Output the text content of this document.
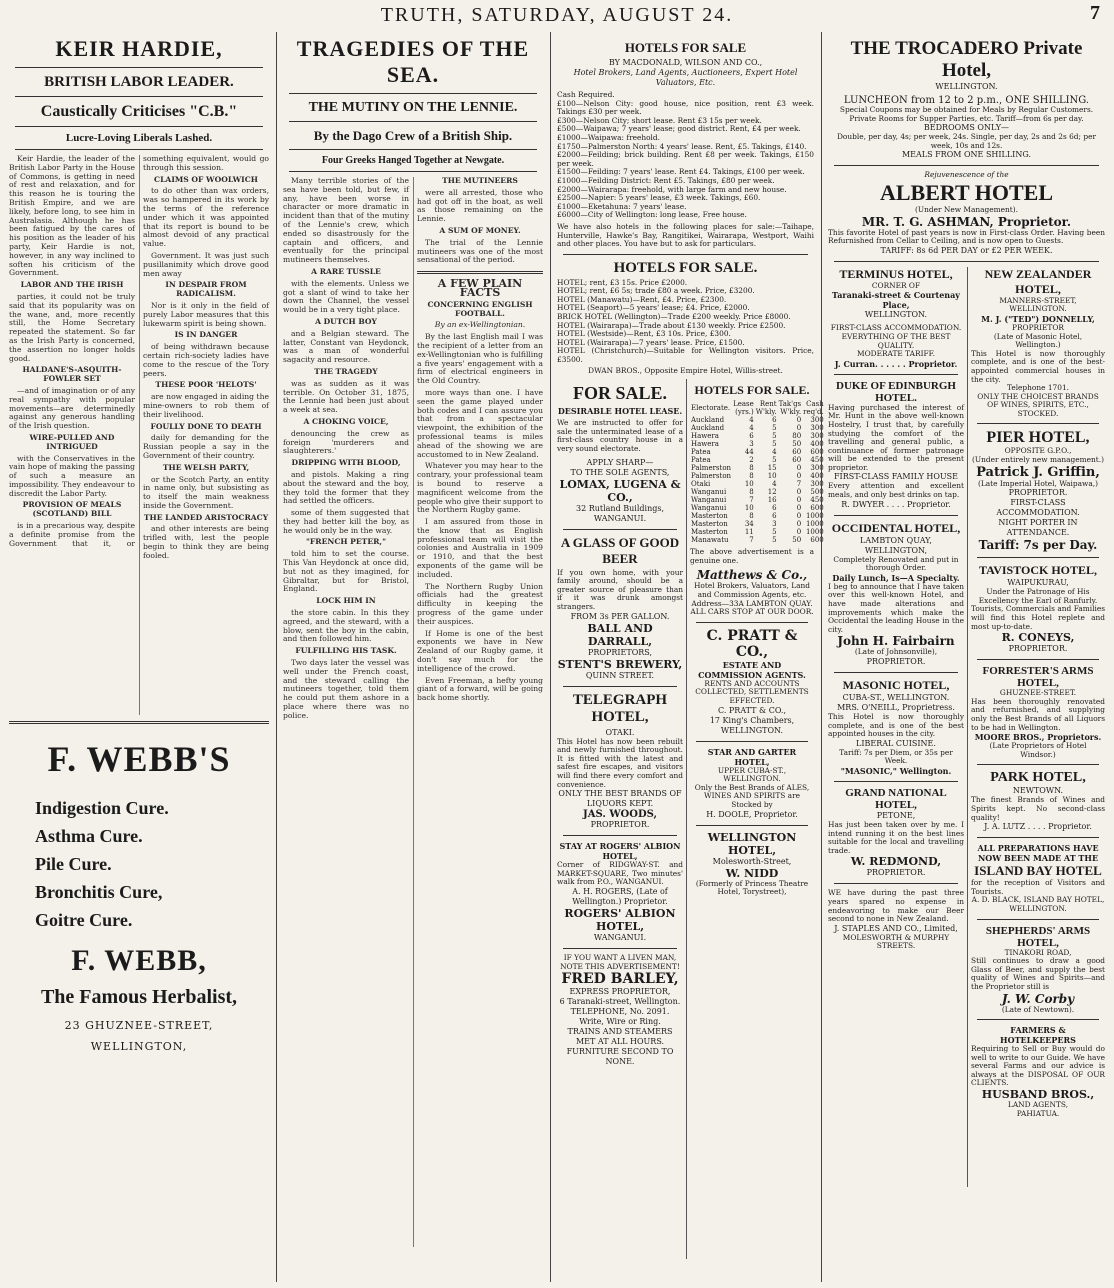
TRUTH, SATURDAY, AUGUST 24.	7
KEIR HARDIE,
BRITISH LABOR LEADER.
Caustically Criticises "C.B."
Lucre-Loving Liberals Lashed.

Keir Hardie, the leader of the British Labor Party in the House of Commons, is getting in need of rest and relaxation, and for this reason he is touring the British Empire, and we are likely, before long, to see him in Australasia. Although he has been fatigued by the cares of his position as the leader of his party, Keir Hardie is not, however, in any way inclined to soften his criticism of the Government.

LABOR AND THE IRISH

parties, it could not be truly said that its popularity was on the wane, and, more recently still, the Home Secretary repeated the statement. So far as the Irish Party is concerned, the assertion no longer holds good.

HALDANE'S-ASQUITH-FOWLER SET

—and of imagination or of any real sympathy with popular movements—are determinedly against any generous handling of the Irish question.

WIRE-PULLED AND INTRIGUED

with the Conservatives in the vain hope of making the passing of such a measure an impossibility. They endeavour to discredit the Labor Party.

PROVISION OF MEALS (SCOTLAND) BILL

is in a precarious way, despite a definite promise from the Government that it, or something equivalent, would go through this session.

CLAIMS OF WOOLWICH

to do other than wax orders, was so hampered in its work by the terms of the reference under which it was appointed that its report is bound to be almost devoid of any practical value.

Government. It was just such pusillanimity which drove good men away

IN DESPAIR FROM RADICALISM.

Nor is it only in the field of purely Labor measures that this lukewarm spirit is being shown.

IS IN DANGER

of being withdrawn because certain rich-society ladies have come to the rescue of the Tory peers.

THESE POOR 'HELOTS'

are now engaged in aiding the mine-owners to rob them of their livelihood.

FOULLY DONE TO DEATH

daily for demanding for the Russian people a say in the Government of their country.

THE WELSH PARTY,

or the Scotch Party, an entity in name only, but subsisting as to itself the main weakness inside the Government.

THE LANDED ARISTOCRACY

and other interests are being trifled with, lest the people begin to think they are being fooled.

F. WEBB'S
Indigestion Cure.
Asthma Cure.
Pile Cure.
Bronchitis Cure,
Goitre Cure.
F. WEBB,
The Famous Herbalist,
23 GHUZNEE-STREET,
WELLINGTON,
TRAGEDIES OF THE SEA.
THE MUTINY ON THE LENNIE.
By the Dago Crew of a British Ship.
Four Greeks Hanged Together at Newgate.

Many terrible stories of the sea have been told, but few, if any, have been worse in character or more dramatic in incident than that of the mutiny of the Lennie's crew, which ended so disastrously for the captain and officers, and eventually for the principal mutineers themselves.

A RARE TUSSLE

with the elements. Unless we got a slant of wind to take her down the Channel, the vessel would be in a very tight place.

A DUTCH BOY

and a Belgian steward. The latter, Constant van Heydonck, was a man of wonderful sagacity and resource.

THE TRAGEDY

was as sudden as it was terrible. On October 31, 1875, the Lennie had been just about a week at sea.

A CHOKING VOICE,

denouncing the crew as foreign 'murderers and slaughterers.'

DRIPPING WITH BLOOD,

and pistols. Making a ring about the steward and the boy, they told the former that they had settled the officers.

some of them suggested that they had better kill the boy, as he would only be in the way.

"FRENCH PETER,"

told him to set the course. This Van Heydonck at once did, but not as they imagined, for Gibraltar, but for Bristol, England.

LOCK HIM IN

the store cabin. In this they agreed, and the steward, with a blow, sent the boy in the cabin, and then followed him.

FULFILLING HIS TASK.

Two days later the vessel was well under the French coast, and the steward calling the mutineers together, told them he could put them ashore in a place where there was no police.

THE MUTINEERS

were all arrested, those who had got off in the boat, as well as those remaining on the Lennie.

A SUM OF MONEY.

The trial of the Lennie mutineers was one of the most sensational of the period.

A FEW PLAIN FACTS

CONCERNING ENGLISH FOOTBALL.

By an ex-Wellingtonian.

By the last English mail I was the recipient of a letter from an ex-Wellingtonian who is fulfilling a five years' engagement with a firm of electrical engineers in the Old Country.

more ways than one. I have seen the game played under both codes and I can assure you that from a spectacular viewpoint, the exhibition of the professional teams is miles ahead of the showing we are accustomed to in New Zealand.

Whatever you may hear to the contrary, your professional team is bound to reserve a magnificent welcome from the people who give their support to the Northern Rugby game.

I am assured from those in the know that as English professional team will visit the colonies and Australia in 1909 or 1910, and that the best exponents of the game will be included.

The Northern Rugby Union officials had the greatest difficulty in keeping the progress of the game under their auspices.

If Home is one of the best exponents we have in New Zealand of our Rugby game, it don't say much for the intelligence of the crowd.

Even Freeman, a hefty young giant of a forward, will be going back home shortly.

HOTELS FOR SALE
BY MACDONALD, WILSON AND CO.,
Hotel Brokers, Land Agents, Auctioneers, Expert Hotel Valuators, Etc.
Cash Required.
£100—Nelson City: good house, nice position, rent £3 week. Takings £30 per week.
£300—Nelson City; short lease. Rent £3 15s per week.
£500—Waipawa; 7 years' lease; good district. Rent, £4 per week.
£1000—Waipawa: freehold.
£1750—Palmerston North: 4 years' lease. Rent, £5. Takings, £140.
£2000—Feilding; brick building. Rent £8 per week. Takings, £150 per week.
£1500—Feilding: 7 years' lease. Rent £4. Takings, £100 per week.
£1000—Feilding District: Rent £5. Takings, £80 per week.
£2000—Wairarapa: freehold, with large farm and new house.
£2500—Napier: 5 years' lease, £3 week. Takings, £60.
£1000—Eketahuna: 7 years' lease.
£6000—City of Wellington: long lease, Free house.
We have also hotels in the following places for sale:—Taihape, Hunterville, Hawke's Bay, Rangitikei, Wairarapa, Westport, Waihi and other places. You have but to ask for particulars.
HOTELS FOR SALE.
HOTEL; rent, £3 15s. Price £2000.
HOTEL; rent, £6 5s; trade £80 a week. Price, £3200.
HOTEL (Manawatu)—Rent, £4. Price, £2300.
HOTEL (Seaport)—5 years' lease; £4. Price, £2000.
BRICK HOTEL (Wellington)—Trade £200 weekly. Price £8000.
HOTEL (Wairarapa)—Trade about £130 weekly. Price £2500.
HOTEL (Westside)—Rent, £3 10s. Price, £300.
HOTEL (Wairarapa)—7 years' lease. Price, £1500.
HOTEL (Christchurch)—Suitable for Wellington visitors. Price, £3500.
DWAN BROS., Opposite Empire Hotel, Willis-street.
FOR SALE.
DESIRABLE HOTEL LEASE.
We are instructed to offer for sale the unterminated lease of a first-class country house in a very sound electorate.
APPLY SHARP—
TO THE SOLE AGENTS,
LOMAX, LUGENA & CO.,
32 Rutland Buildings,
WANGANUI.
A GLASS OF GOOD BEER
If you own home, with your family around, should be a greater source of pleasure than if it was drunk amongst strangers.
FROM 3s PER GALLON.
BALL AND DARRALL,
PROPRIETORS,
STENT'S BREWERY,
QUINN STREET.
TELEGRAPH HOTEL,
OTAKI.
This Hotel has now been rebuilt and newly furnished throughout. It is fitted with the latest and safest fire escapes, and visitors will find there every comfort and convenience.
ONLY THE BEST BRANDS OF LIQUORS KEPT.
JAS. WOODS,
PROPRIETOR.
STAY AT ROGERS' ALBION HOTEL,
Corner of RIDGWAY-ST. and MARKET-SQUARE, Two minutes' walk from P.O., WANGANUI.
A. H. ROGERS, (Late of Wellington.) Proprietor.
ROGERS' ALBION HOTEL,
WANGANUI.
IF YOU WANT A LIVEN MAN, NOTE THIS ADVERTISEMENT!
FRED BARLEY,
EXPRESS PROPRIETOR,
6 Taranaki-street, Wellington.
TELEPHONE, No. 2091.
Write, Wire or Ring.
TRAINS AND STEAMERS MET AT ALL HOURS.
FURNITURE SECOND TO NONE.
HOTELS FOR SALE.
Electorate.	Lease (yrs.)	Rent W'kly.	Tak'gs W'kly.	Cash req'd.
Auckland	4	6	0	300
Auckland	4	5	0	300
Hawera	6	5	80	300
Hawera	3	5	50	400
Patea	44	4	60	600
Patea	2	5	60	450
Palmerston	8	15	0	300
Palmerston	8	10	0	400
Otaki	10	4	7	300
Wanganui	8	12	0	500
Wanganui	7	16	0	450
Wanganui	10	6	0	600
Masterton	8	6	0	1000
Masterton	34	3	0	1000
Masterton	11	5	0	1000
Manawatu	7	5	50	600
The above advertisement is a genuine one.
Matthews & Co.,
Hotel Brokers, Valuators, Land and Commission Agents, etc.
Address—33A LAMBTON QUAY.
ALL CARS STOP AT OUR DOOR.
C. PRATT & CO.,
ESTATE AND COMMISSION AGENTS.
RENTS AND ACCOUNTS COLLECTED, SETTLEMENTS EFFECTED.
C. PRATT & CO.,
17 King's Chambers, WELLINGTON.
STAR AND GARTER HOTEL,
UPPER CUBA-ST., WELLINGTON.
Only the Best Brands of ALES, WINES AND SPIRITS are Stocked by
H. DOOLE, Proprietor.
WELLINGTON HOTEL,
Molesworth-Street,
W. NIDD
(Formerly of Princess Theatre Hotel, Torystreet),
THE TROCADERO Private Hotel,
WELLINGTON.
LUNCHEON from 12 to 2 p.m., ONE SHILLING.
Special Coupons may be obtained for Meals by Regular Customers.
Private Rooms for Supper Parties, etc. Tariff—from 6s per day.
BEDROOMS ONLY—
Double, per day, 4s; per week, 24s. Single, per day, 2s and 2s 6d; per week, 10s and 12s.
MEALS FROM ONE SHILLING.
Rejuvenescence of the
ALBERT HOTEL
(Under New Management).
MR. T. G. ASHMAN, Proprietor.
This favorite Hotel of past years is now in First-class Order. Having been Refurnished from Cellar to Ceiling, and is now open to Guests.
TARIFF: 8s 6d PER DAY or £2 PER WEEK.
TERMINUS HOTEL,
CORNER OF
Taranaki-street & Courtenay Place,
WELLINGTON.
FIRST-CLASS ACCOMMODATION.
EVERYTHING OF THE BEST QUALITY.
MODERATE TARIFF.
J. Curran. . . . . . Proprietor.
DUKE OF EDINBURGH HOTEL.
Having purchased the interest of Mr. Hunt in the above well-known Hostelry, I trust that, by carefully studying the comfort of the travelling and general public, a continuance of former patronage will be extended to the present proprietor.
FIRST-CLASS FAMILY HOUSE
Every attention and excellent meals, and only best drinks on tap.
R. DWYER . . . . Proprietor.
OCCIDENTAL HOTEL,
LAMBTON QUAY,
WELLINGTON,
Completely Renovated and put in thorough Order.
Daily Lunch, Is—A Specialty.
I beg to announce that I have taken over this well-known Hotel, and have made alterations and improvements which make the Occidental the leading House in the city.
John H. Fairbairn
(Late of Johnsonville),
PROPRIETOR.
MASONIC HOTEL,
CUBA-ST., WELLINGTON.
MRS. O'NEILL, Proprietress.
This Hotel is now thoroughly complete, and is one of the best appointed houses in the city.
LIBERAL CUISINE.
Tariff: 7s per Diem, or 35s per Week.
"MASONIC," Wellington.
GRAND NATIONAL HOTEL,
PETONE,
Has just been taken over by me. I intend running it on the best lines suitable for the local and travelling trade.
W. REDMOND,
PROPRIETOR.
WE have during the past three years spared no expense in endeavoring to make our Beer second to none in New Zealand.
J. STAPLES AND CO., Limited,
MOLESWORTH & MURPHY STREETS.
NEW ZEALANDER HOTEL,
MANNERS-STREET, WELLINGTON.
M. J. ("TED") DONNELLY,
PROPRIETOR
(Late of Masonic Hotel, Wellington.)
This Hotel is now thoroughly complete, and is one of the best-appointed commercial houses in the city.
Telephone 1701.
ONLY THE CHOICEST BRANDS OF WINES, SPIRITS, ETC., STOCKED.
PIER HOTEL,
OPPOSITE G.P.O.,
(Under entirely new management.)
Patrick J. Griffin,
(Late Imperial Hotel, Waipawa,)
PROPRIETOR.
FIRST-CLASS ACCOMMODATION.
NIGHT PORTER IN ATTENDANCE.
Tariff: 7s per Day.
TAVISTOCK HOTEL,
WAIPUKURAU,
Under the Patronage of His Excellency the Earl of Ranfurly.
Tourists, Commercials and Families will find this Hotel replete and most up-to-date.
R. CONEYS,
PROPRIETOR.
FORRESTER'S ARMS HOTEL,
GHUZNEE-STREET.
Has been thoroughly renovated and refurnished, and supplying only the Best Brands of all Liquors to be had in Wellington.
MOORE BROS., Proprietors.
(Late Proprietors of Hotel Windsor.)
PARK HOTEL,
NEWTOWN.
The finest Brands of Wines and Spirits kept. No second-class quality!
J. A. LUTZ . . . . Proprietor.
ALL PREPARATIONS HAVE NOW BEEN MADE AT THE
ISLAND BAY HOTEL
for the reception of Visitors and Tourists.
A. D. BLACK, ISLAND BAY HOTEL, WELLINGTON.
SHEPHERDS' ARMS HOTEL,
TINAKORI ROAD,
Still continues to draw a good Glass of Beer, and supply the best quality of Wines and Spirits—and the Proprietor still is
J. W. Corby
(Late of Newtown).
FARMERS & HOTELKEEPERS
Requiring to Sell or Buy would do well to write to our Guide. We have several Farms and our advice is always at the DISPOSAL OF OUR CLIENTS.
HUSBAND BROS.,
LAND AGENTS,
PAHIATUA.
